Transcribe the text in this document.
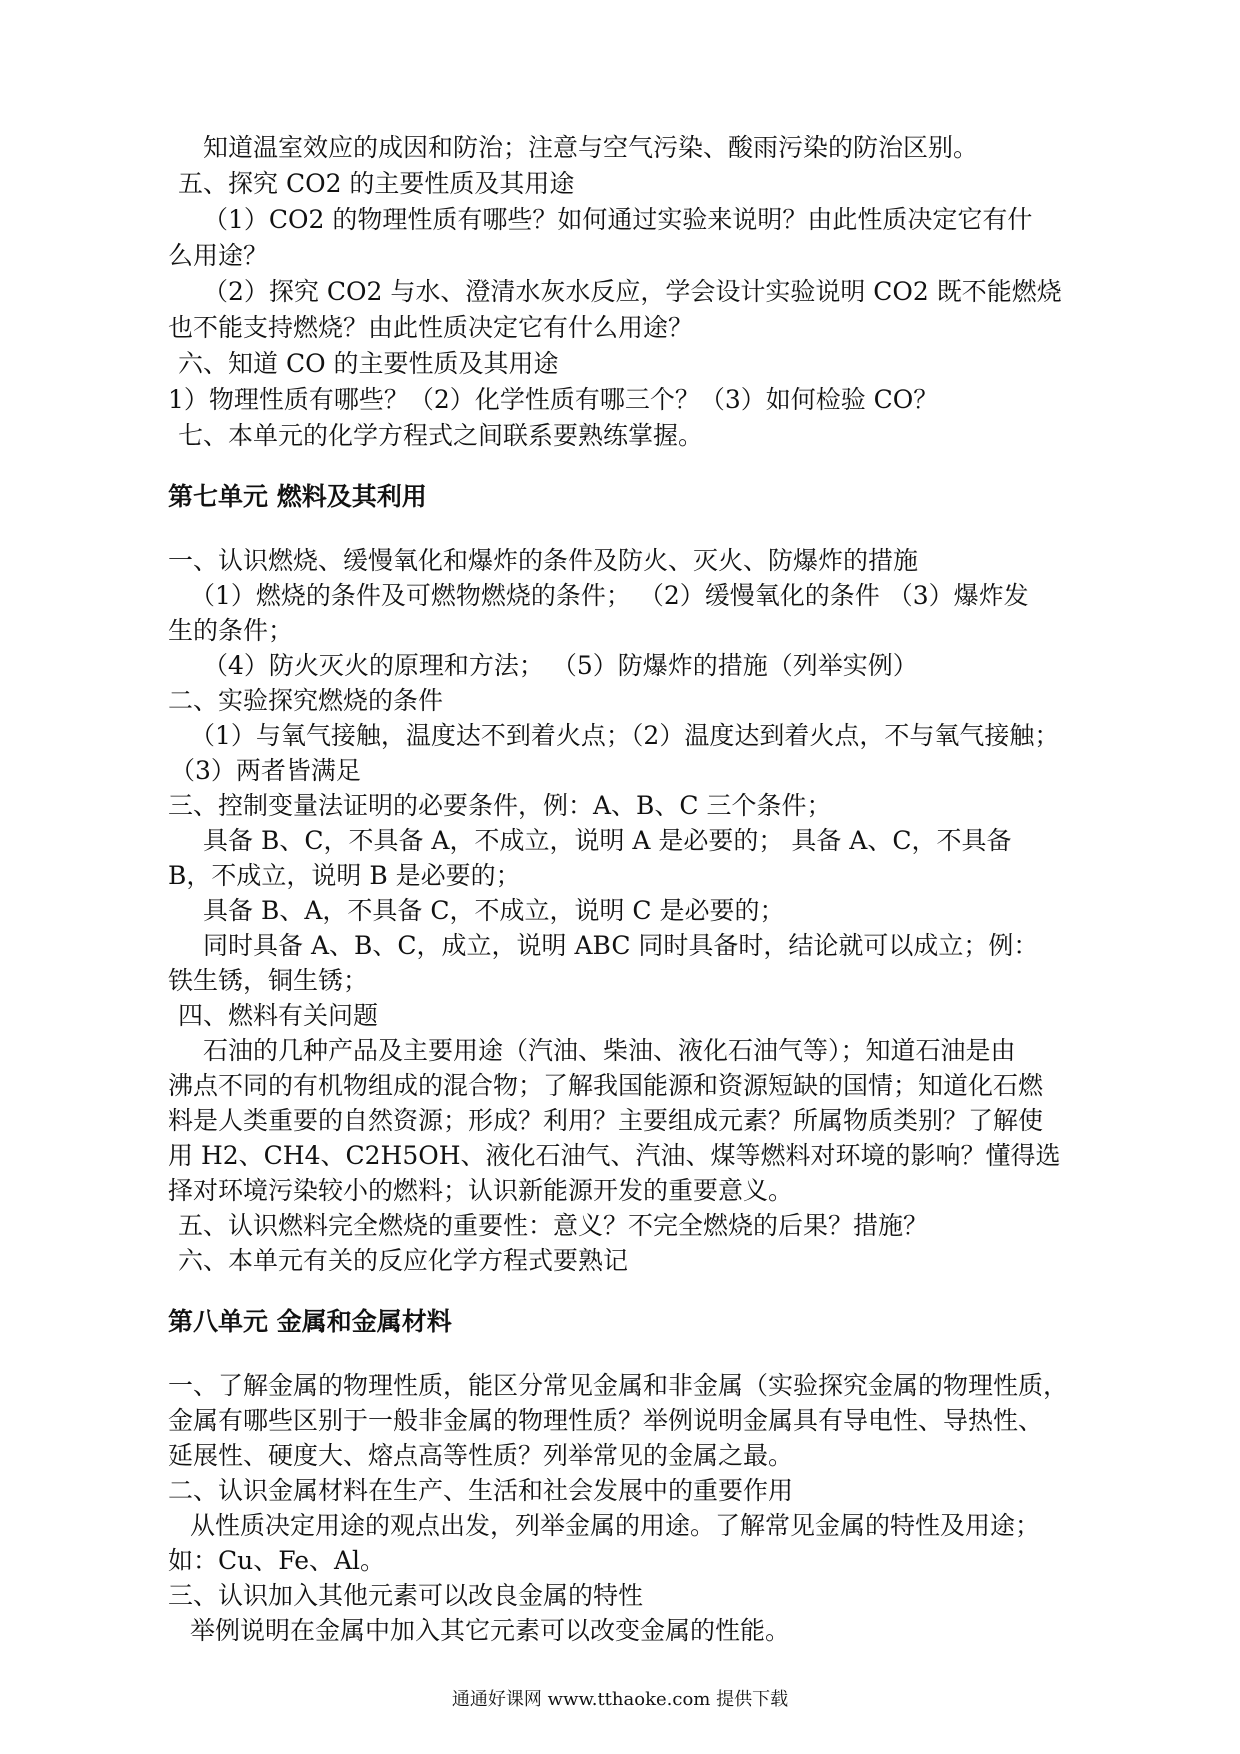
知道温室效应的成因和防治；注意与空气污染、酸雨污染的防治区别。
五、探究 CO2 的主要性质及其用途
（1）CO2 的物理性质有哪些？如何通过实验来说明？由此性质决定它有什
么用途？
（2）探究 CO2 与水、澄清水灰水反应，学会设计实验说明 CO2 既不能燃烧
也不能支持燃烧？由此性质决定它有什么用途？
六、知道 CO 的主要性质及其用途
1）物理性质有哪些？（2）化学性质有哪三个？（3）如何检验 CO？
七、本单元的化学方程式之间联系要熟练掌握。
第七单元 燃料及其利用
一、认识燃烧、缓慢氧化和爆炸的条件及防火、灭火、防爆炸的措施
（1）燃烧的条件及可燃物燃烧的条件； （2）缓慢氧化的条件 （3）爆炸发
生的条件；
（4）防火灭火的原理和方法； （5）防爆炸的措施（列举实例）
二、实验探究燃烧的条件
（1）与氧气接触，温度达不到着火点；（2）温度达到着火点，不与氧气接触；
（3）两者皆满足
三、控制变量法证明的必要条件，例：A、B、C 三个条件；
具备 B、C，不具备 A，不成立，说明 A 是必要的； 具备 A、C，不具备
B，不成立，说明 B 是必要的；
具备 B、A，不具备 C，不成立，说明 C 是必要的；
同时具备 A、B、C，成立，说明 ABC 同时具备时，结论就可以成立；例：
铁生锈，铜生锈；
四、燃料有关问题
石油的几种产品及主要用途（汽油、柴油、液化石油气等）；知道石油是由
沸点不同的有机物组成的混合物；了解我国能源和资源短缺的国情；知道化石燃
料是人类重要的自然资源；形成？利用？主要组成元素？所属物质类别？了解使
用 H2、CH4、C2H5OH、液化石油气、汽油、煤等燃料对环境的影响？懂得选
择对环境污染较小的燃料；认识新能源开发的重要意义。
五、认识燃料完全燃烧的重要性：意义？不完全燃烧的后果？措施？
六、本单元有关的反应化学方程式要熟记
第八单元 金属和金属材料
一、了解金属的物理性质，能区分常见金属和非金属（实验探究金属的物理性质，
金属有哪些区别于一般非金属的物理性质？举例说明金属具有导电性、导热性、
延展性、硬度大、熔点高等性质？列举常见的金属之最。
二、认识金属材料在生产、生活和社会发展中的重要作用
从性质决定用途的观点出发，列举金属的用途。了解常见金属的特性及用途；
如：Cu、Fe、Al。
三、认识加入其他元素可以改良金属的特性
举例说明在金属中加入其它元素可以改变金属的性能。
通通好课网 www.tthaoke.com 提供下载
